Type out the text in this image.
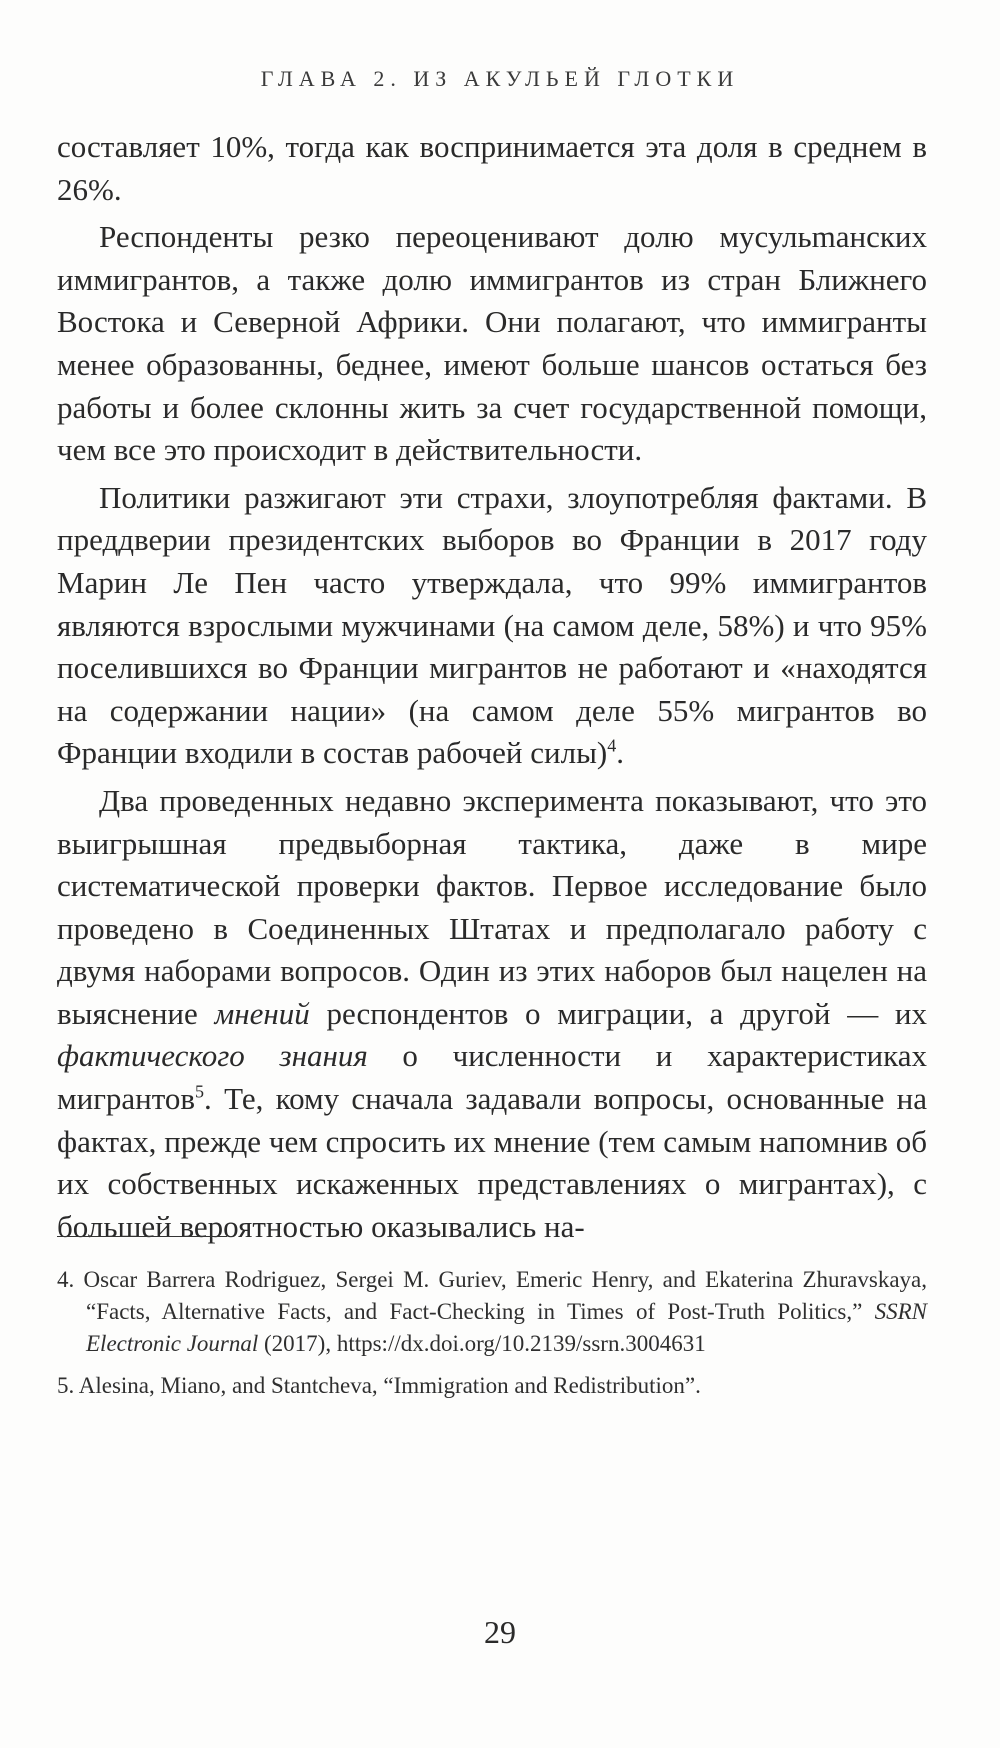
ГЛАВА 2. ИЗ АКУЛЬЕЙ ГЛОТКИ

составляет 10%, тогда как воспринимается эта доля в среднем в 26%.

Респонденты резко переоценивают долю мусульmанских иммигрантов, а также долю иммигрантов из стран Ближнего Востока и Северной Африки. Они полагают, что иммигранты менее образованны, беднее, имеют больше шансов остаться без работы и более склонны жить за счет государственной помощи, чем все это происходит в действительности.

Политики разжигают эти страхи, злоупотребляя фактами. В преддверии президентских выборов во Франции в 2017 году Марин Ле Пен часто утверждала, что 99% иммигрантов являются взрослыми мужчинами (на самом деле, 58%) и что 95% поселившихся во Франции мигрантов не работают и «находятся на содержании нации» (на самом деле 55% мигрантов во Франции входили в состав рабочей силы)$^4$.

Два проведенных недавно эксперимента показывают, что это выигрышная предвыборная тактика, даже в мире систематической проверки фактов. Первое исследование было проведено в Соединенных Штатах и предполагало работу с двумя наборами вопросов. Один из этих наборов был нацелен на выяснение мнений респондентов о миграции, а другой — их фактического знания о численности и характеристиках мигрантов$^5$. Те, кому сначала задавали вопросы, основанные на фактах, прежде чем спросить их мнение (тем самым напомнив об их собственных искаженных представлениях о мигрантах), с большей вероятностью оказывались на-

4. Oscar Barrera Rodriguez, Sergei M. Guriev, Emeric Henry, and Ekaterina Zhuravskaya, “Facts, Alternative Facts, and Fact-Checking in Times of Post-Truth Politics,” SSRN Electronic Journal (2017), https://dx.doi.org/10.2139/ssrn.3004631
5. Alesina, Miano, and Stantcheva, “Immigration and Redistribution”.
29
